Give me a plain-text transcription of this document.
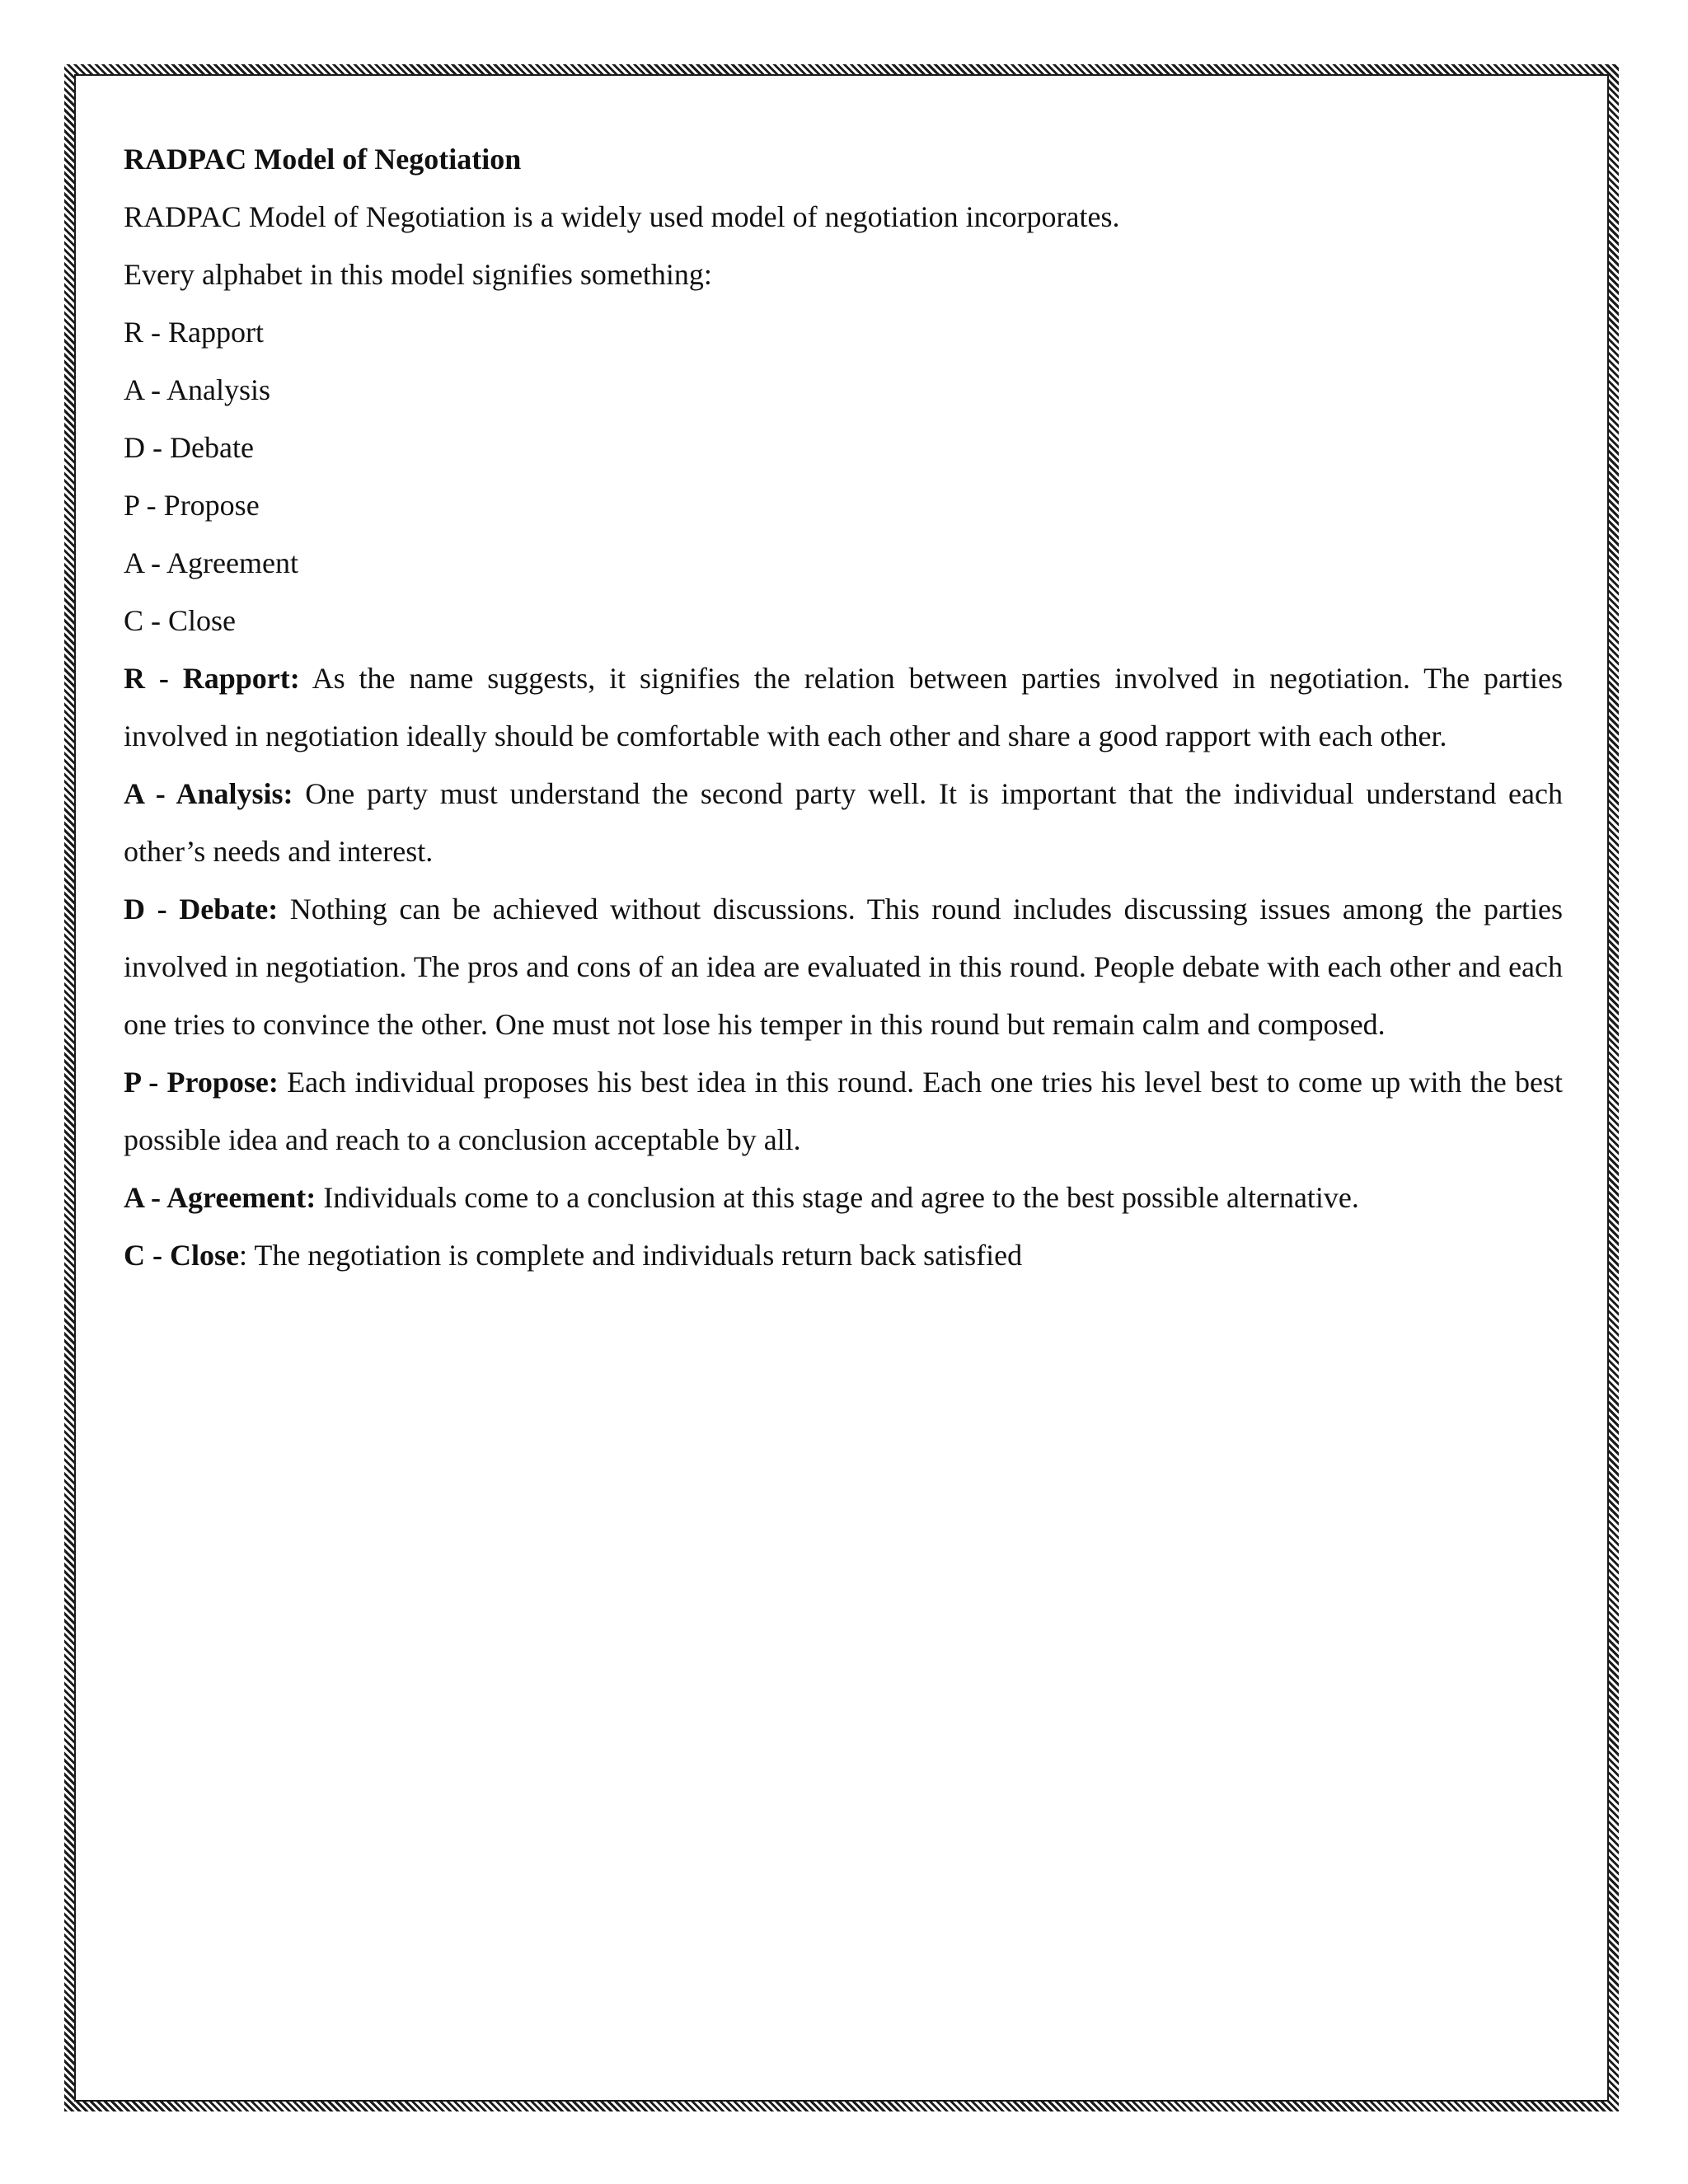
RADPAC Model of Negotiation

RADPAC Model of Negotiation is a widely used model of negotiation incorporates.

Every alphabet in this model signifies something:

R - Rapport

A - Analysis

D - Debate

P - Propose

A - Agreement

C - Close

R - Rapport: As the name suggests, it signifies the relation between parties involved in negotiation. The parties involved in negotiation ideally should be comfortable with each other and share a good rapport with each other.

A - Analysis: One party must understand the second party well. It is important that the individual understand each other’s needs and interest.

D - Debate: Nothing can be achieved without discussions. This round includes discussing issues among the parties involved in negotiation. The pros and cons of an idea are evaluated in this round. People debate with each other and each one tries to convince the other. One must not lose his temper in this round but remain calm and composed.

P - Propose: Each individual proposes his best idea in this round. Each one tries his level best to come up with the best possible idea and reach to a conclusion acceptable by all.

A - Agreement: Individuals come to a conclusion at this stage and agree to the best possible alternative.

C - Close: The negotiation is complete and individuals return back satisfied
